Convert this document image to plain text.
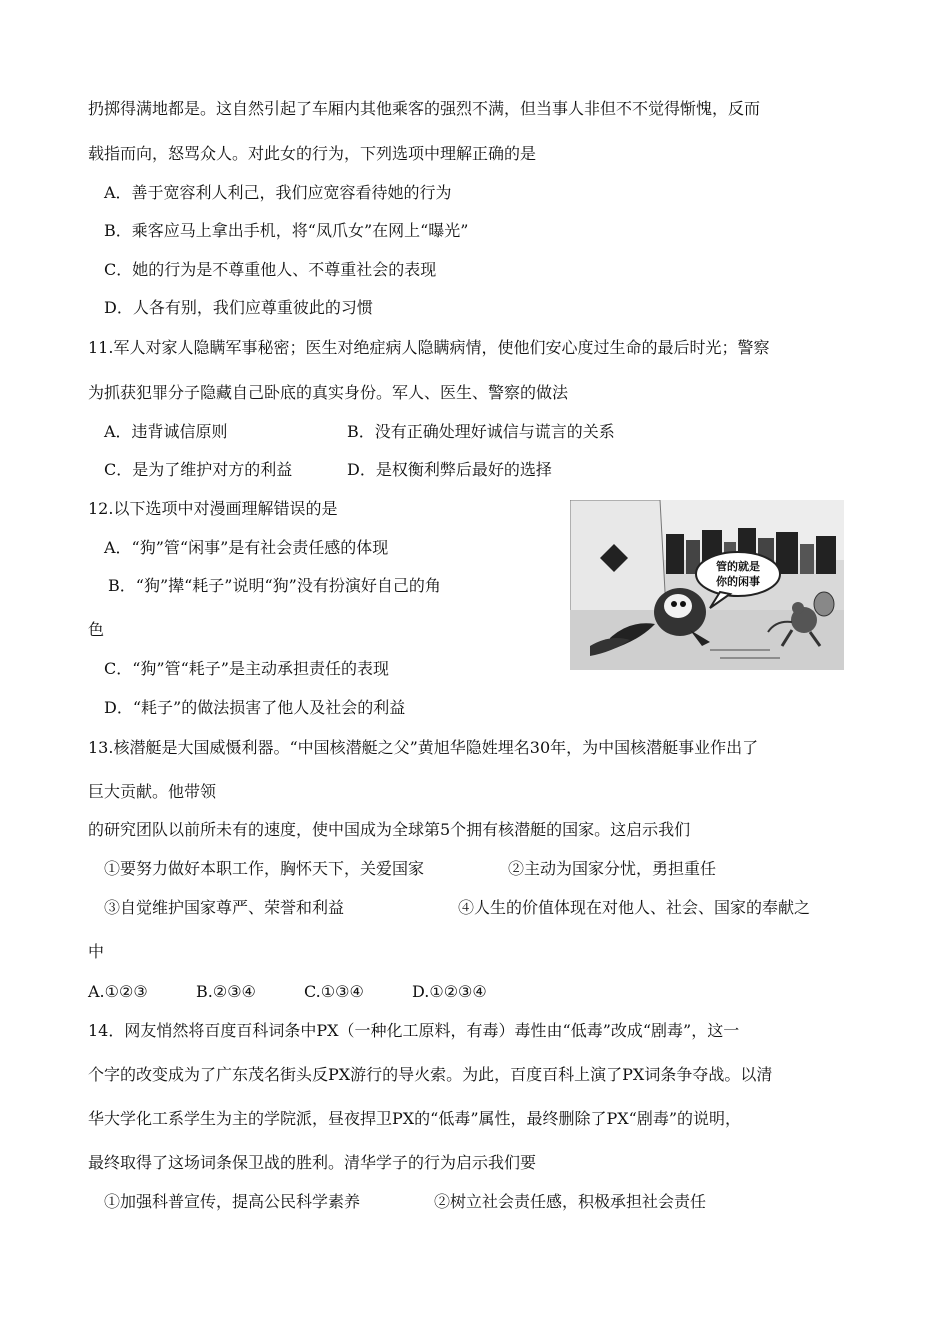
扔掷得满地都是。这自然引起了车厢内其他乘客的强烈不满，但当事人非但不不觉得惭愧，反而
载指而向，怒骂众人。对此女的行为，下列选项中理解正确的是
A．善于宽容利人利己，我们应宽容看待她的行为
B．乘客应马上拿出手机，将“凤爪女”在网上“曝光”
C．她的行为是不尊重他人、不尊重社会的表现
D．人各有别，我们应尊重彼此的习惯
11.军人对家人隐瞒军事秘密；医生对绝症病人隐瞒病情，使他们安心度过生命的最后时光；警察
为抓获犯罪分子隐藏自己卧底的真实身份。军人、医生、警察的做法
A．违背诚信原则	B．没有正确处理好诚信与谎言的关系
C．是为了维护对方的利益	D．是权衡利弊后最好的选择
12.以下选项中对漫画理解错误的是
A．“狗”管“闲事”是有社会责任感的体现
B．“狗”撵“耗子”说明“狗”没有扮演好自己的角
色
C．“狗”管“耗子”是主动承担责任的表现
D．“耗子”的做法损害了他人及社会的利益
管的就是
你的闲事
13.核潜艇是大国威慑利器。“中国核潜艇之父”黄旭华隐姓埋名30年，为中国核潜艇事业作出了
巨大贡献。他带领
的研究团队以前所未有的速度，使中国成为全球第5个拥有核潜艇的国家。这启示我们
①要努力做好本职工作，胸怀天下，关爱国家	②主动为国家分忧，勇担重任
③自觉维护国家尊严、荣誉和利益	④人生的价值体现在对他人、社会、国家的奉献之
中
A.①②③	B.②③④	C.①③④	D.①②③④
14．网友悄然将百度百科词条中PX（一种化工原料，有毒）毒性由“低毒”改成“剧毒”，这一
个字的改变成为了广东茂名街头反PX游行的导火索。为此，百度百科上演了PX词条争夺战。以清
华大学化工系学生为主的学院派，昼夜捍卫PX的“低毒”属性，最终删除了PX“剧毒”的说明，
最终取得了这场词条保卫战的胜利。清华学子的行为启示我们要
①加强科普宣传，提高公民科学素养	②树立社会责任感，积极承担社会责任
